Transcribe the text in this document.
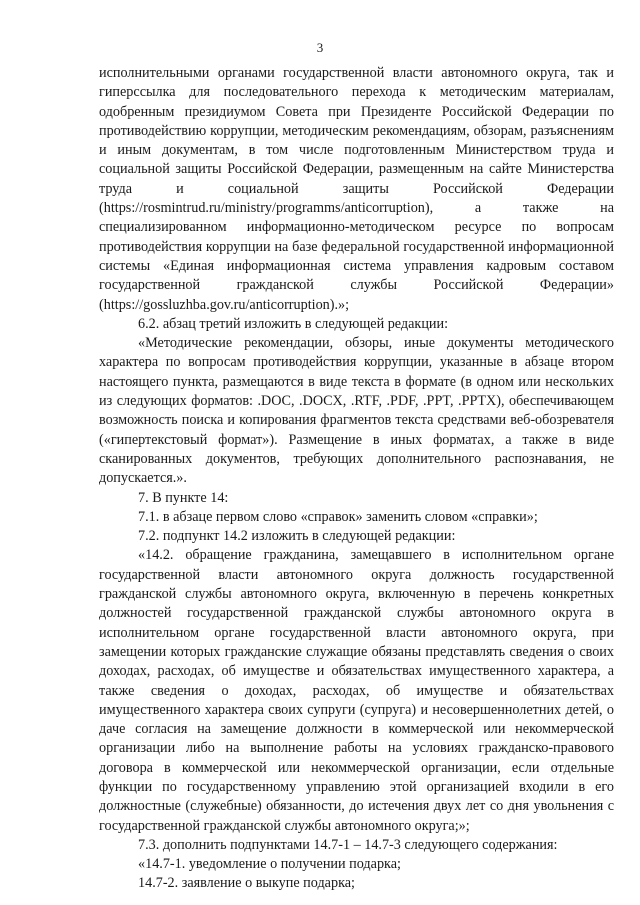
3

исполнительными органами государственной власти автономного округа, так и гиперссылка для последовательного перехода к методическим материалам, одобренным президиумом Совета при Президенте Российской Федерации по противодействию коррупции, методическим рекомендациям, обзорам, разъяснениям и иным документам, в том числе подготовленным Министерством труда и социальной защиты Российской Федерации, размещенным на сайте Министерства труда и социальной защиты Российской Федерации (https://rosmintrud.ru/ministry/programms/anticorruption), а также на специализированном информационно-методическом ресурсе по вопросам противодействия коррупции на базе федеральной государственной информационной системы «Единая информационная система управления кадровым составом государственной гражданской службы Российской Федерации» (https://gossluzhba.gov.ru/anticorruption).»;

6.2. абзац третий изложить в следующей редакции:

«Методические рекомендации, обзоры, иные документы методического характера по вопросам противодействия коррупции, указанные в абзаце втором настоящего пункта, размещаются в виде текста в формате (в одном или нескольких из следующих форматов: .DOC, .DOCX, .RTF, .PDF, .PPT, .PPTX), обеспечивающем возможность поиска и копирования фрагментов текста средствами веб-обозревателя («гипертекстовый формат»). Размещение в иных форматах, а также в виде сканированных документов, требующих дополнительного распознавания, не допускается.».

7. В пункте 14:

7.1. в абзаце первом слово «справок» заменить словом «справки»;

7.2. подпункт 14.2 изложить в следующей редакции:

«14.2. обращение гражданина, замещавшего в исполнительном органе государственной власти автономного округа должность государственной гражданской службы автономного округа, включенную в перечень конкретных должностей государственной гражданской службы автономного округа в исполнительном органе государственной власти автономного округа, при замещении которых гражданские служащие обязаны представлять сведения о своих доходах, расходах, об имуществе и обязательствах имущественного характера, а также сведения о доходах, расходах, об имуществе и обязательствах имущественного характера своих супруги (супруга) и несовершеннолетних детей, о даче согласия на замещение должности в коммерческой или некоммерческой организации либо на выполнение работы на условиях гражданско-правового договора в коммерческой или некоммерческой организации, если отдельные функции по государственному управлению этой организацией входили в его должностные (служебные) обязанности, до истечения двух лет со дня увольнения с государственной гражданской службы автономного округа;»;

7.3. дополнить подпунктами 14.7-1 – 14.7-3 следующего содержания:

«14.7-1. уведомление о получении подарка;

14.7-2. заявление о выкупе подарка;
